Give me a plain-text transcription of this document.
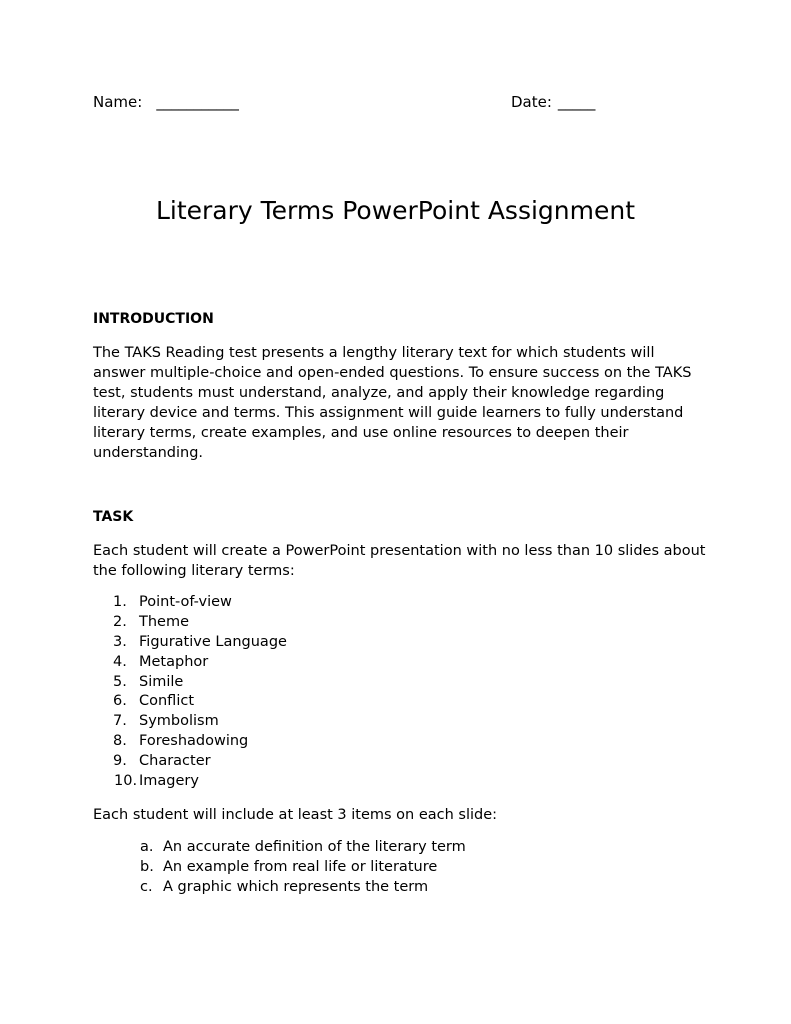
Name: ___________	Date: _____
Literary Terms PowerPoint Assignment
INTRODUCTION

The TAKS Reading test presents a lengthy literary text for which students will
answer multiple-choice and open-ended questions. To ensure success on the TAKS
test, students must understand, analyze, and apply their knowledge regarding
literary device and terms. This assignment will guide learners to fully understand
literary terms, create examples, and use online resources to deepen their
understanding.

TASK

Each student will create a PowerPoint presentation with no less than 10 slides about
the following literary terms:

1. Point-of-view
2. Theme
3. Figurative Language
4. Metaphor
5. Simile
6. Conflict
7. Symbolism
8. Foreshadowing
9. Character
10. Imagery

Each student will include at least 3 items on each slide:

a. An accurate definition of the literary term
b. An example from real life or literature
c. A graphic which represents the term
